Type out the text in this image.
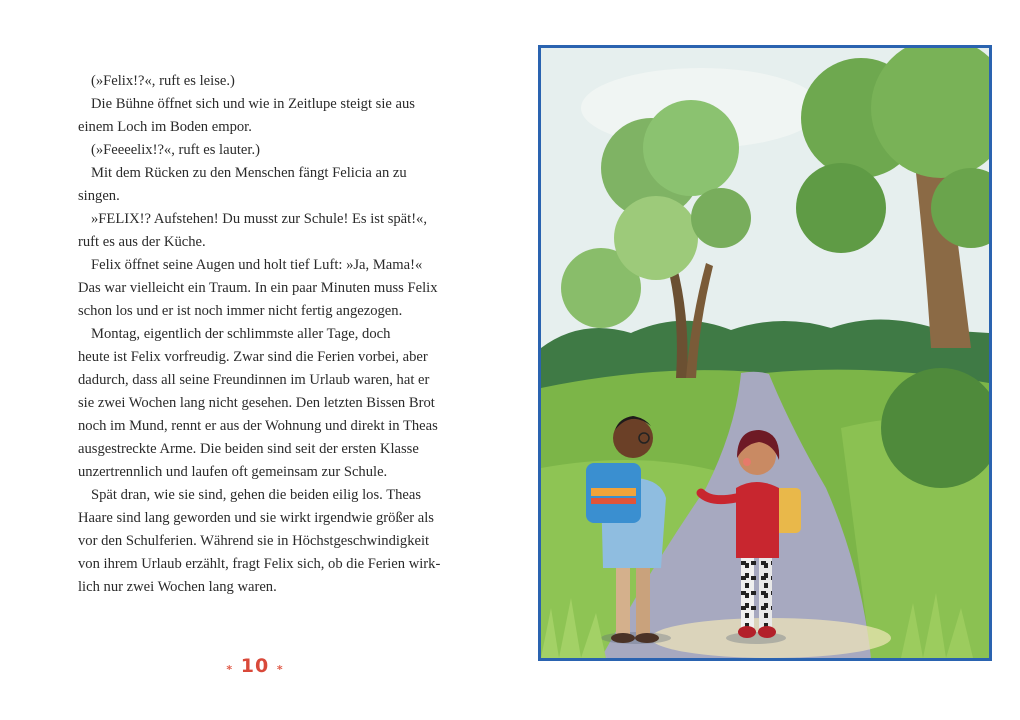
(»Felix!?«, ruft es leise.)
Die Bühne öffnet sich und wie in Zeitlupe steigt sie aus
einem Loch im Boden empor.
(»Feeeelix!?«, ruft es lauter.)
Mit dem Rücken zu den Menschen fängt Felicia an zu
singen.
»FELIX!? Aufstehen! Du musst zur Schule! Es ist spät!«,
ruft es aus der Küche.
Felix öffnet seine Augen und holt tief Luft: »Ja, Mama!«
Das war vielleicht ein Traum. In ein paar Minuten muss Felix
schon los und er ist noch immer nicht fertig angezogen.
Montag, eigentlich der schlimmste aller Tage, doch
heute ist Felix vorfreudig. Zwar sind die Ferien vorbei, aber
dadurch, dass all seine Freundinnen im Urlaub waren, hat er
sie zwei Wochen lang nicht gesehen. Den letzten Bissen Brot
noch im Mund, rennt er aus der Wohnung und direkt in Theas
ausgestreckte Arme. Die beiden sind seit der ersten Klasse
unzertrennlich und laufen oft gemeinsam zur Schule.
Spät dran, wie sie sind, gehen die beiden eilig los. Theas
Haare sind lang geworden und sie wirkt irgendwie größer als
vor den Schulferien. Während sie in Höchstgeschwindigkeit
von ihrem Urlaub erzählt, fragt Felix sich, ob die Ferien wirk-
lich nur zwei Wochen lang waren.
⁎ 10 ⁎
